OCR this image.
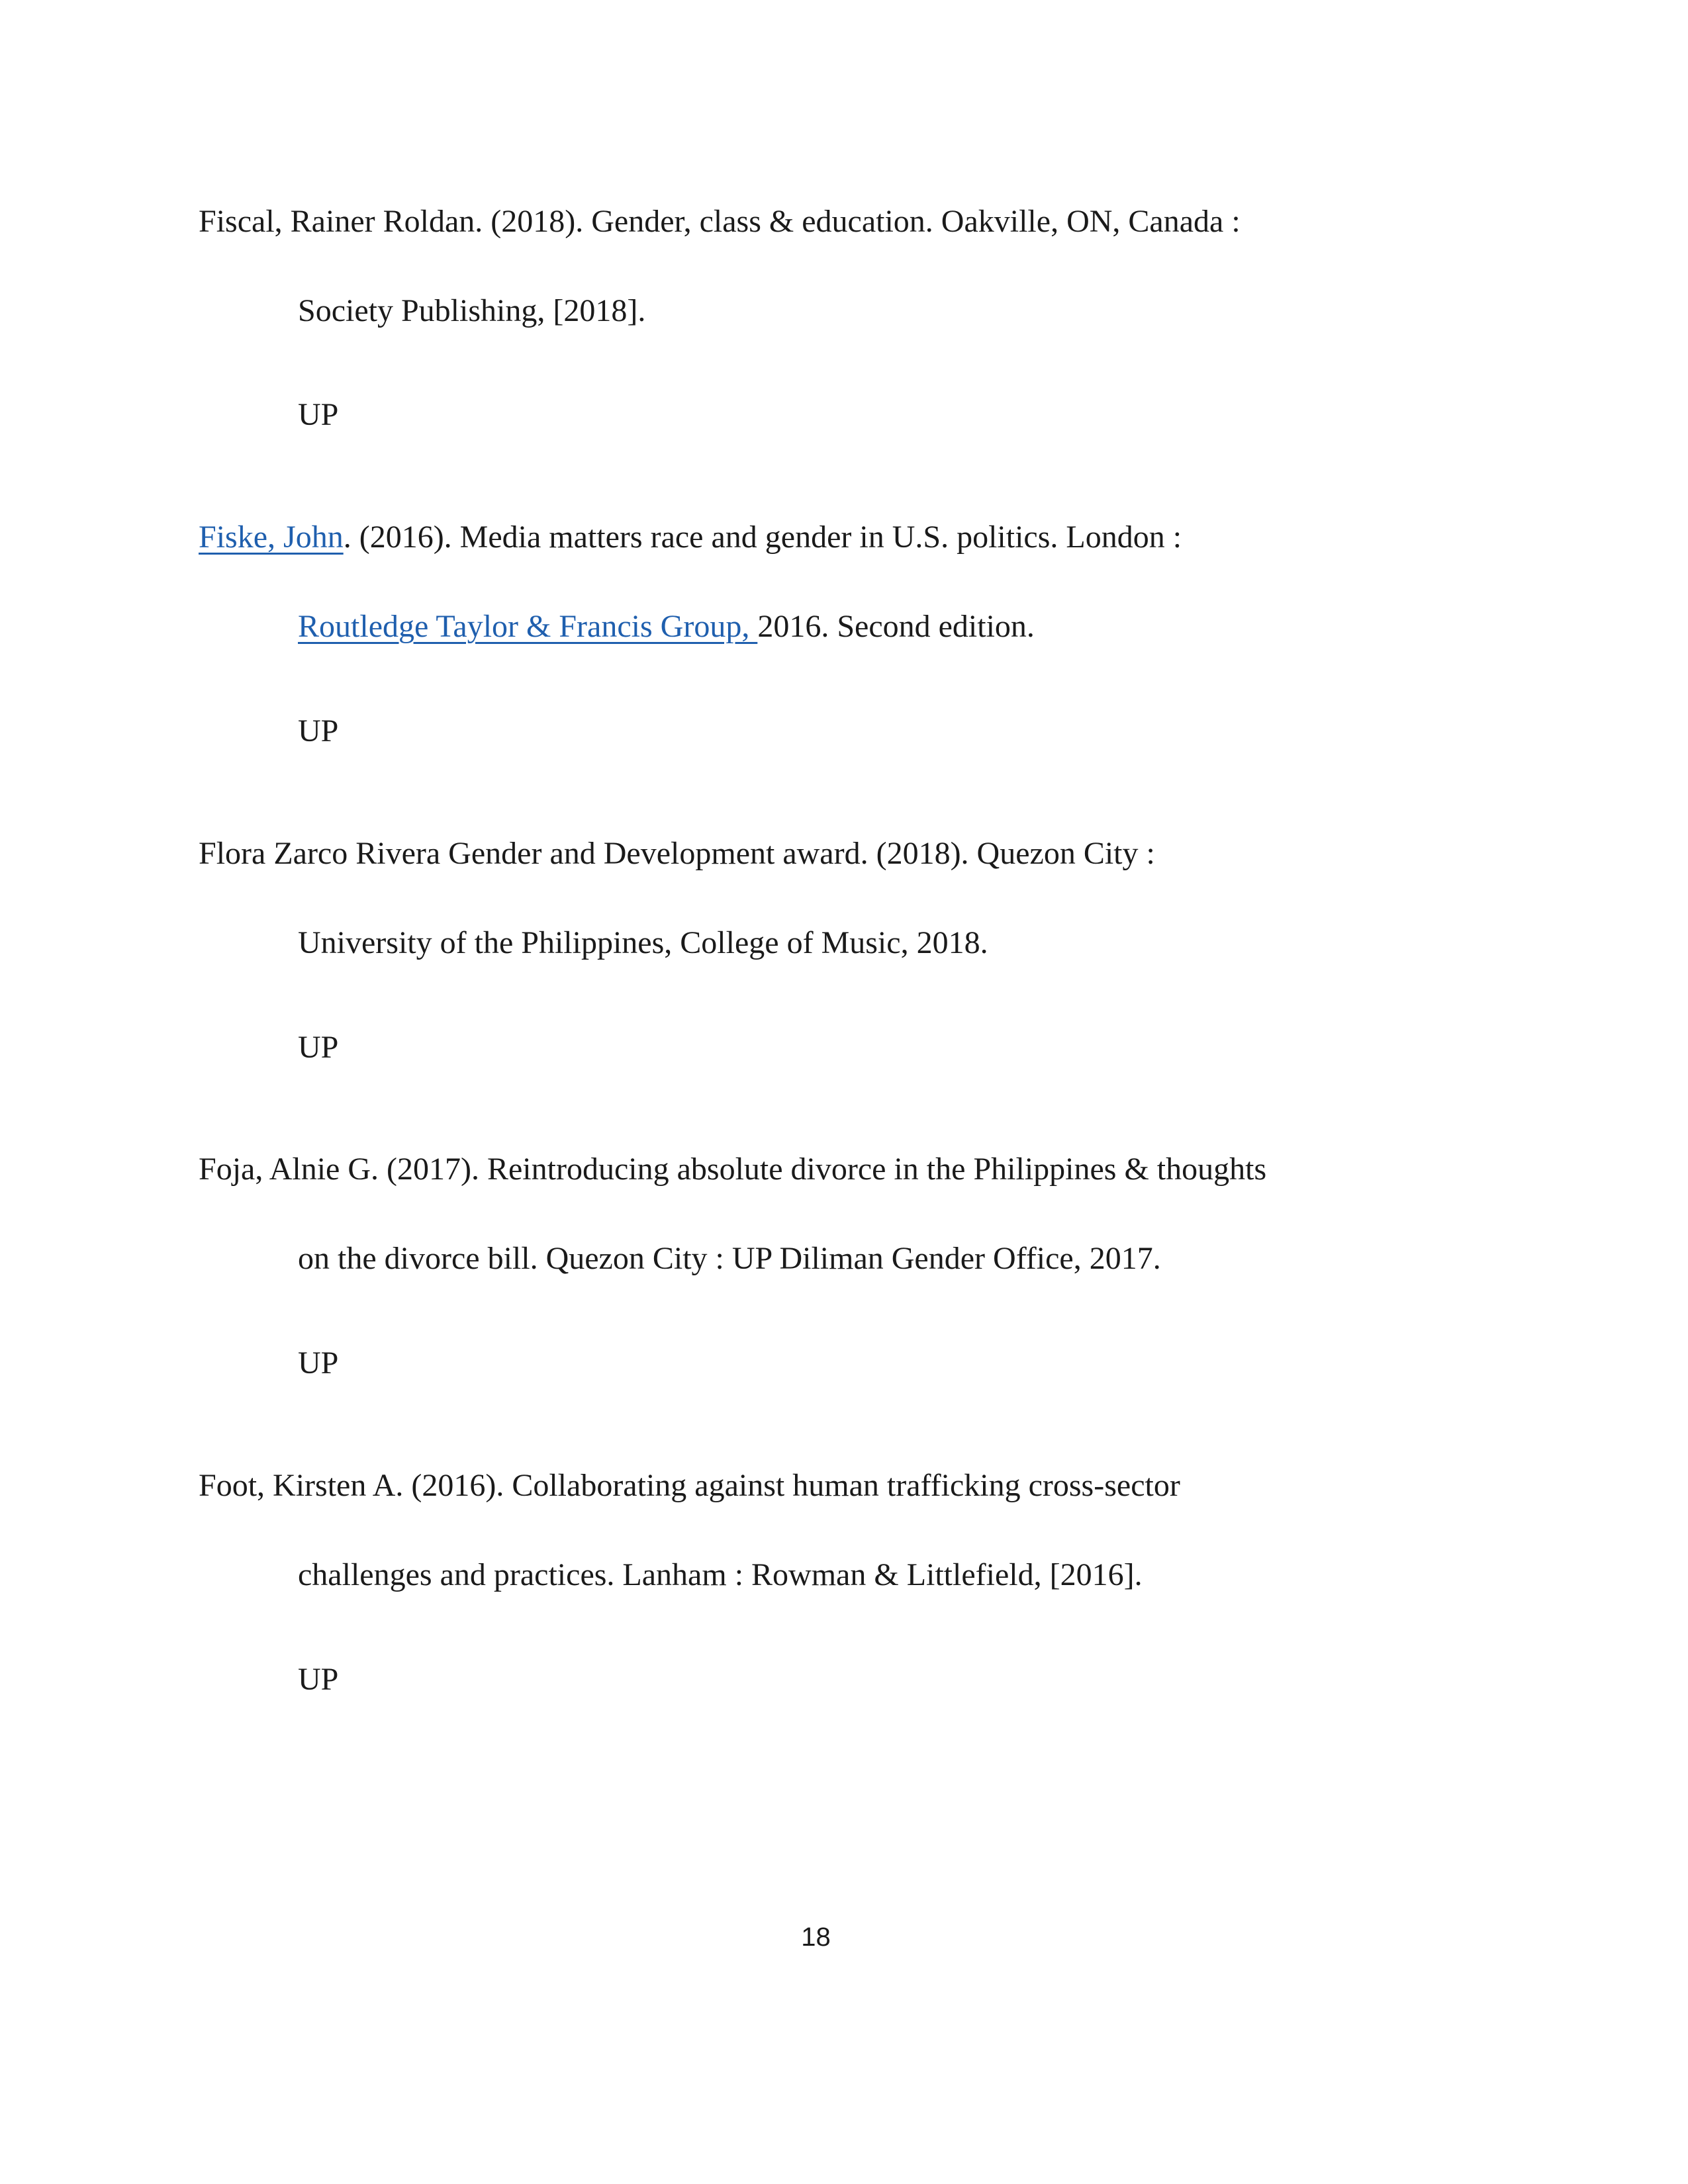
Fiscal, Rainer Roldan. (2018). Gender, class & education. Oakville, ON, Canada :
Society Publishing, [2018].
UP
Fiske, John. (2016). Media matters race and gender in U.S. politics. London :
Routledge Taylor & Francis Group, 2016. Second edition.
UP
Flora Zarco Rivera Gender and Development award. (2018). Quezon City :
University of the Philippines, College of Music, 2018.
UP
Foja, Alnie G. (2017). Reintroducing absolute divorce in the Philippines & thoughts
on the divorce bill. Quezon City : UP Diliman Gender Office, 2017.
UP
Foot, Kirsten A. (2016). Collaborating against human trafficking cross-sector
challenges and practices. Lanham : Rowman & Littlefield, [2016].
UP
18
